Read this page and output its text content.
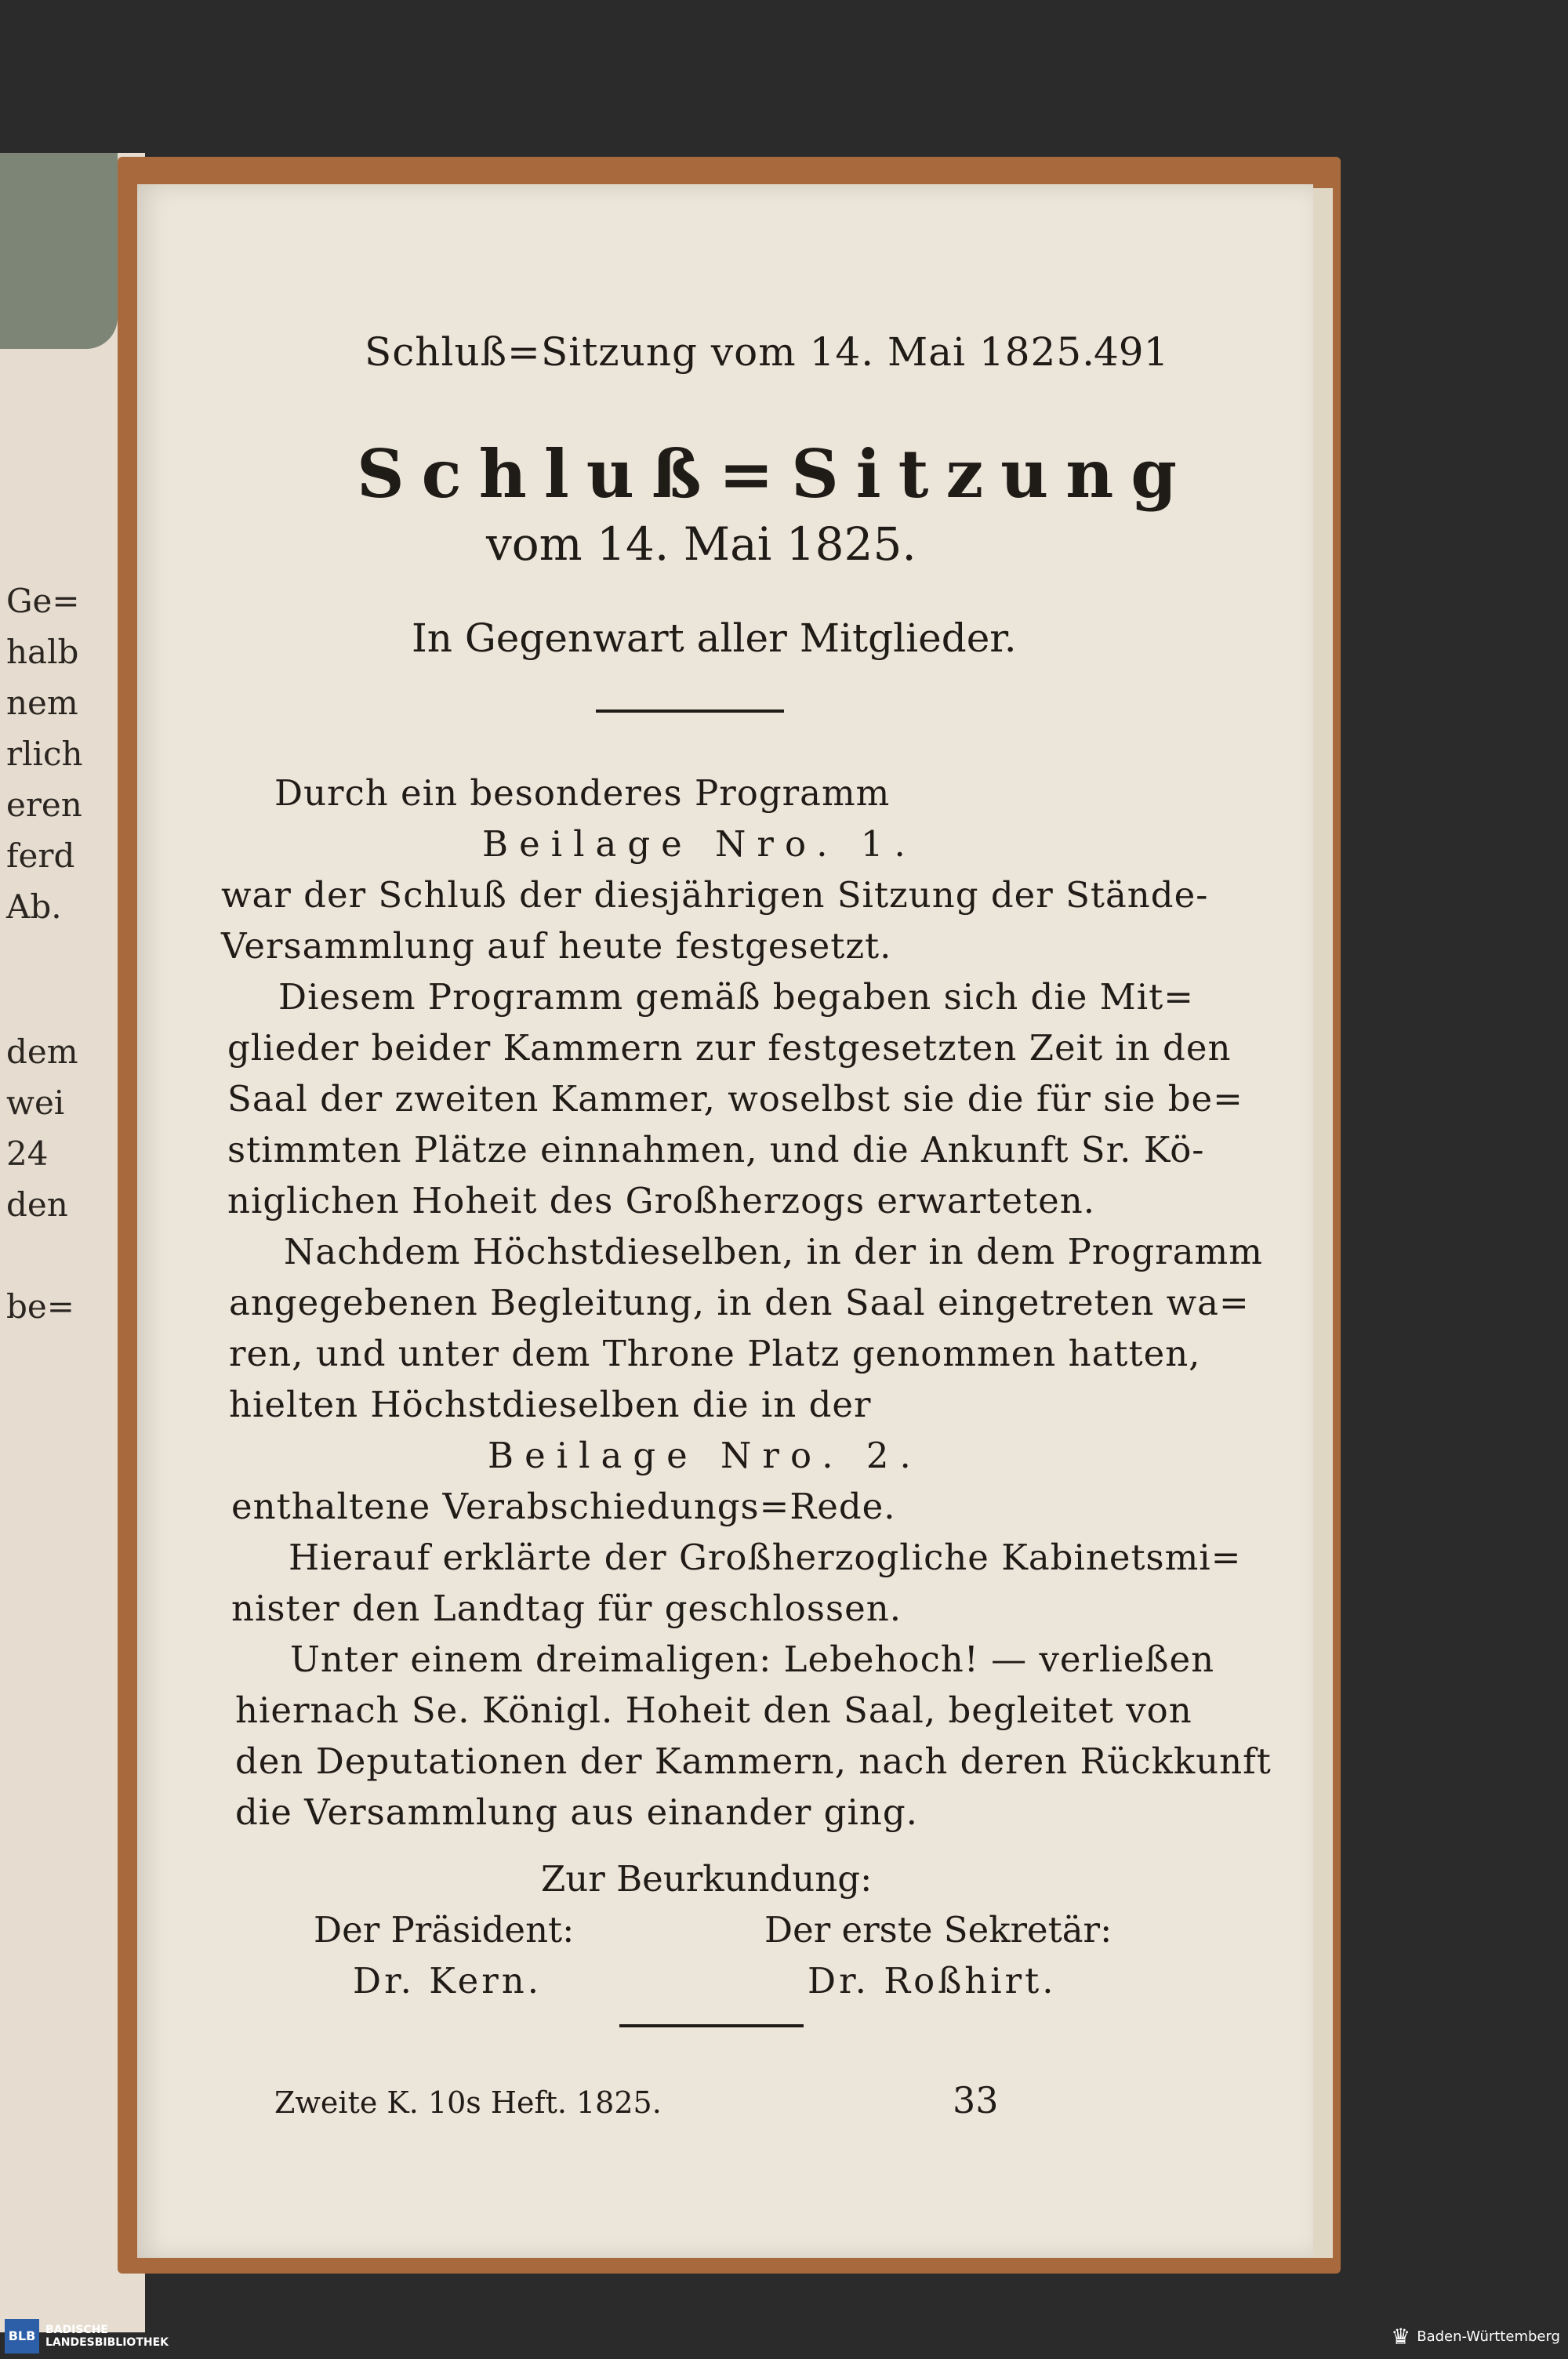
Ge=
halb
nem
rlich
eren
ferd
Ab.
dem
wei
24
den
be=
Schluß=Sitzung vom 14. Mai 1825.
491
Schluß=Sitzung
vom 14. Mai 1825.
In Gegenwart aller Mitglieder.
Durch ein besonderes Programm
Beilage Nro. 1.
war der Schluß der diesjährigen Sitzung der Stände-
Versammlung auf heute festgesetzt.
Diesem Programm gemäß begaben sich die Mit=
glieder beider Kammern zur festgesetzten Zeit in den
Saal der zweiten Kammer, woselbst sie die für sie be=
stimmten Plätze einnahmen, und die Ankunft Sr. Kö-
niglichen Hoheit des Großherzogs erwarteten.
Nachdem Höchstdieselben, in der in dem Programm
angegebenen Begleitung, in den Saal eingetreten wa=
ren, und unter dem Throne Platz genommen hatten,
hielten Höchstdieselben die in der
Beilage Nro. 2.
enthaltene Verabschiedungs=Rede.
Hierauf erklärte der Großherzogliche Kabinetsmi=
nister den Landtag für geschlossen.
Unter einem dreimaligen: Lebehoch! — verließen
hiernach Se. Königl. Hoheit den Saal, begleitet von
den Deputationen der Kammern, nach deren Rückkunft
die Versammlung aus einander ging.
Zur Beurkundung:
Der Präsident:	Der erste Sekretär:
Dr. Kern.	Dr. Roßhirt.
Zweite K. 10s Heft. 1825.	33
BLB BADISCHE
LANDESBIBLIOTHEK	♛ Baden-Württemberg
